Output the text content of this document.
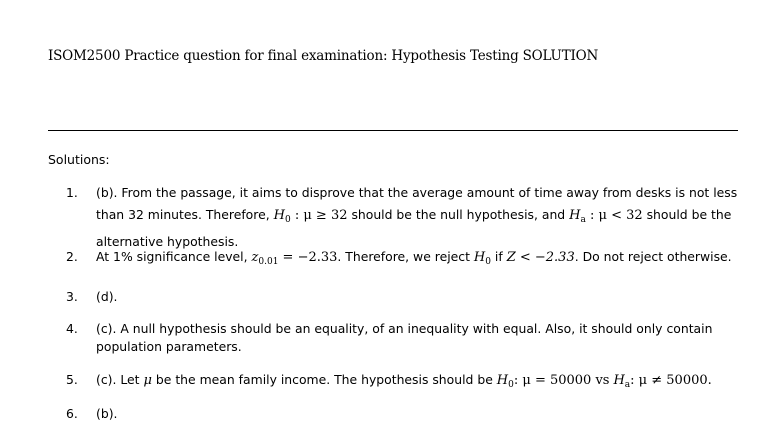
ISOM2500 Practice question for final examination: Hypothesis Testing SOLUTION
Solutions:
1.	(b). From the passage, it aims to disprove that the average amount of time away from desks is not less
than 32 minutes. Therefore, $H_0$ : μ ≥ 32 should be the null hypothesis, and $H_a$ : μ < 32 should be the
alternative hypothesis.
2.	At 1% significance level, $z_{0.01} = -2.33$. Therefore, we reject $H_0$ if Z < −2.33. Do not reject otherwise.
3.	(d).
4.	(c). A null hypothesis should be an equality, of an inequality with equal. Also, it should only contain
population parameters.
5.	(c). Let μ be the mean family income. The hypothesis should be $H_0$: μ = 50000 vs $H_a$: μ ≠ 50000.
6.	(b).
